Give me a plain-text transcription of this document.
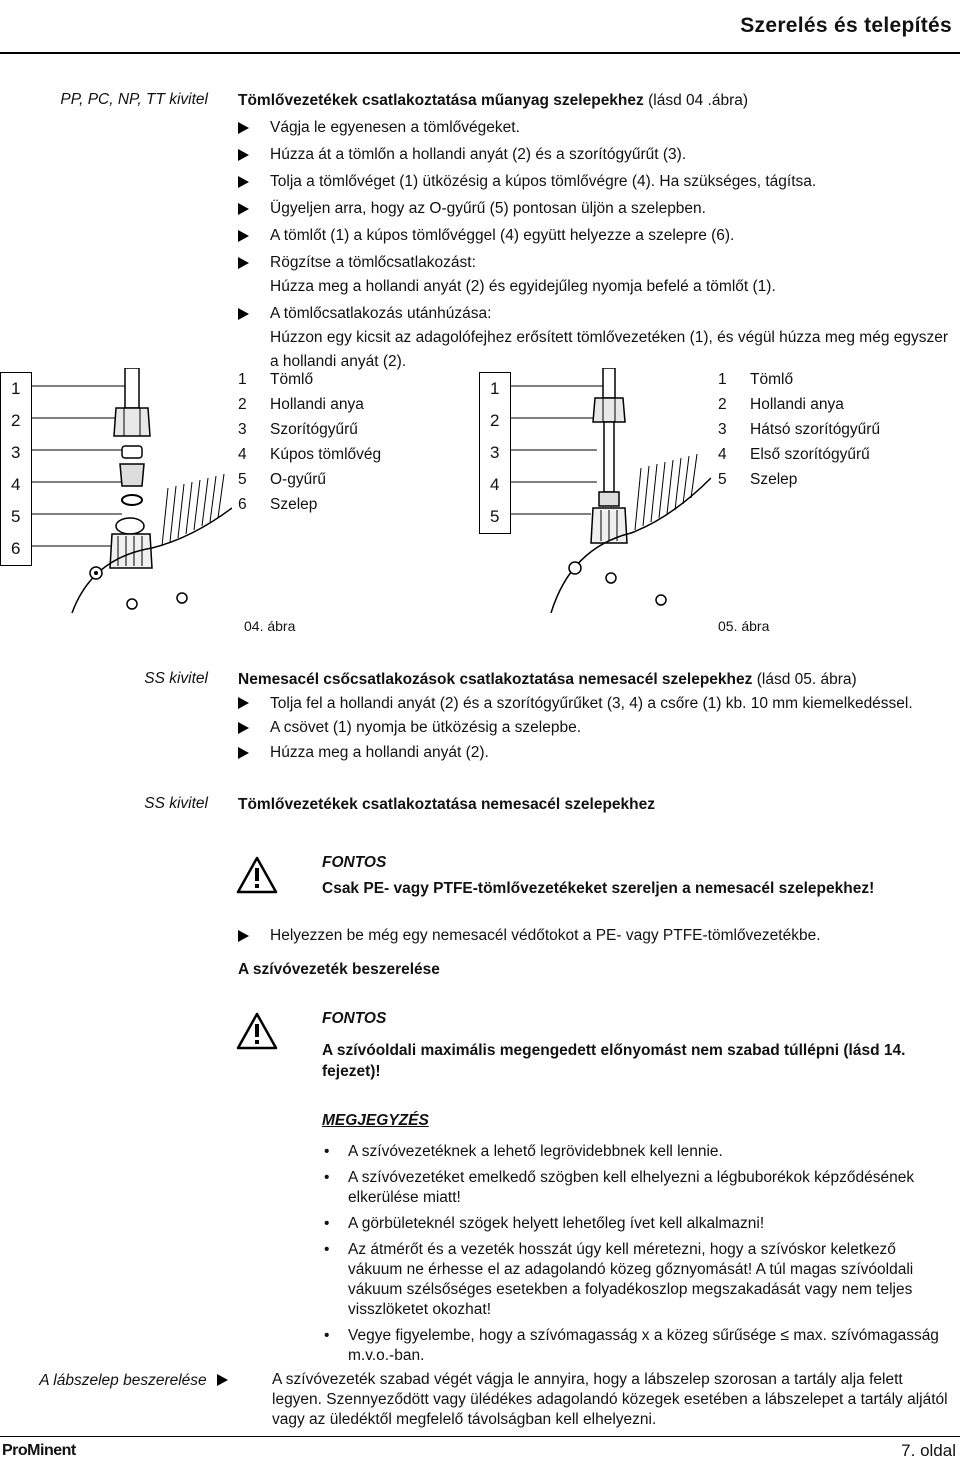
Szerelés és telepítés
PP, PC, NP, TT kivitel Tömlővezetékek csatlakoztatása műanyag szelepekhez (lásd 04 .ábra)
Vágja le egyenesen a tömlővégeket.
Húzza át a tömlőn a hollandi anyát (2) és a szorítógyűrűt (3).
Tolja a tömlővéget (1) ütközésig a kúpos tömlővégre (4). Ha szükséges, tágítsa.
Ügyeljen arra, hogy az O-gyűrű (5) pontosan üljön a szelepben.
A tömlőt (1) a kúpos tömlővéggel (4) együtt helyezze a szelepre (6).
Rögzítse a tömlőcsatlakozást:
Húzza meg a hollandi anyát (2) és egyidejűleg nyomja befelé a tömlőt (1).
A tömlőcsatlakozás utánhúzása:
Húzzon egy kicsit az adagolófejhez erősített tömlővezetéken (1), és végül húzza meg még egyszer a hollandi anyát (2).
1
2
3
4
5
6
1 Tömlő
2 Hollandi anya
3 Szorítógyűrű
4 Kúpos tömlővég
5 O-gyűrű
6 Szelep
04. ábra
1
2
3
4
5
1 Tömlő
2 Hollandi anya
3 Hátsó szorítógyűrű
4 Első szorítógyűrű
5 Szelep
05. ábra
SS kivitel Nemesacél csőcsatlakozások csatlakoztatása nemesacél szelepekhez (lásd 05. ábra)
Tolja fel a hollandi anyát (2) és a szorítógyűrűket (3, 4) a csőre (1) kb. 10 mm kiemelkedéssel.
A csövet (1) nyomja be ütközésig a szelepbe.
Húzza meg a hollandi anyát (2).
SS kivitel Tömlővezetékek csatlakoztatása nemesacél szelepekhez
FONTOS
Csak PE- vagy PTFE-tömlővezetékeket szereljen a nemesacél szelepekhez!
Helyezzen be még egy nemesacél védőtokot a PE- vagy PTFE-tömlővezetékbe.
A szívóvezeték beszerelése
FONTOS
A szívóoldali maximális megengedett előnyomást nem szabad túllépni (lásd 14. fejezet)!
MEGJEGYZÉS
• A szívóvezetéknek a lehető legrövidebbnek kell lennie.
• A szívóvezetéket emelkedő szögben kell elhelyezni a légbuborékok képződésének elkerülése miatt!
• A görbületeknél szögek helyett lehetőleg ívet kell alkalmazni!
• Az átmérőt és a vezeték hosszát úgy kell méretezni, hogy a szívóskor keletkező vákuum ne érhesse el az adagolandó közeg gőznyomását! A túl magas szívóoldali vákuum szélsőséges esetekben a folyadékoszlop megszakadását vagy nem teljes visszlöketet okozhat!
• Vegye figyelembe, hogy a szívómagasság x a közeg sűrűsége ≤ max. szívómagasság m.v.o.-ban.
A lábszelep beszerelése	A szívóvezeték szabad végét vágja le annyira, hogy a lábszelep szorosan a tartály alja felett legyen. Szennyeződött vagy ülédékes adagolandó közegek esetében a lábszelepet a tartály aljától vagy az üledéktől megfelelő távolságban kell elhelyezni.
ProMinent	7. oldal
